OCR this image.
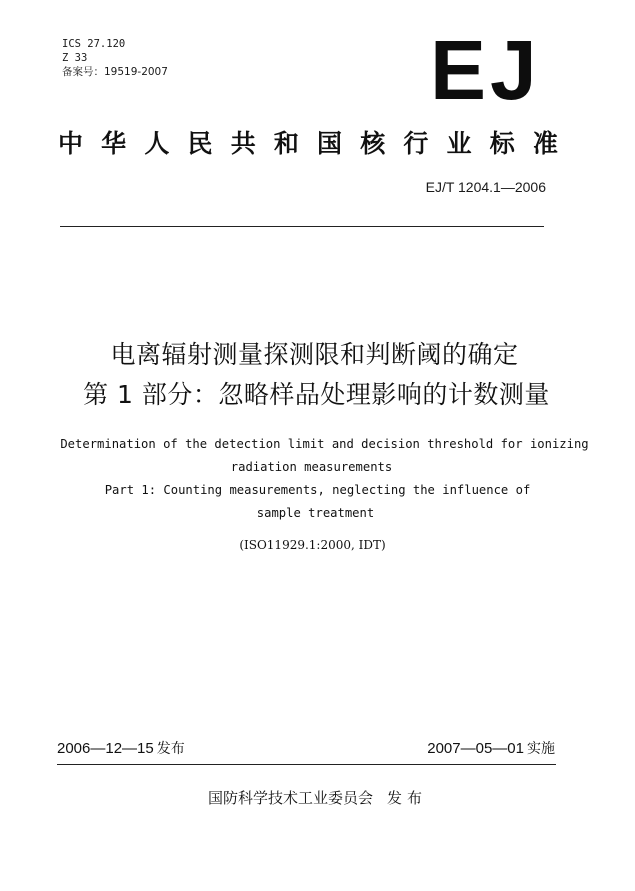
ICS 27.120
Z 33
备案号：19519-2007	EJ
中 华 人 民 共 和 国 核 行 业 标 准
EJ/T 1204.1—2006
电离辐射测量探测限和判断阈的确定
第 1 部分：忽略样品处理影响的计数测量
Determination of the detection limit and decision threshold for ionizing
radiation measurements
Part 1: Counting measurements, neglecting the influence of
sample treatment
(ISO11929.1:2000, IDT)
2006—12—15 发布	2007—05—01 实施
国防科学技术工业委员会 发布
